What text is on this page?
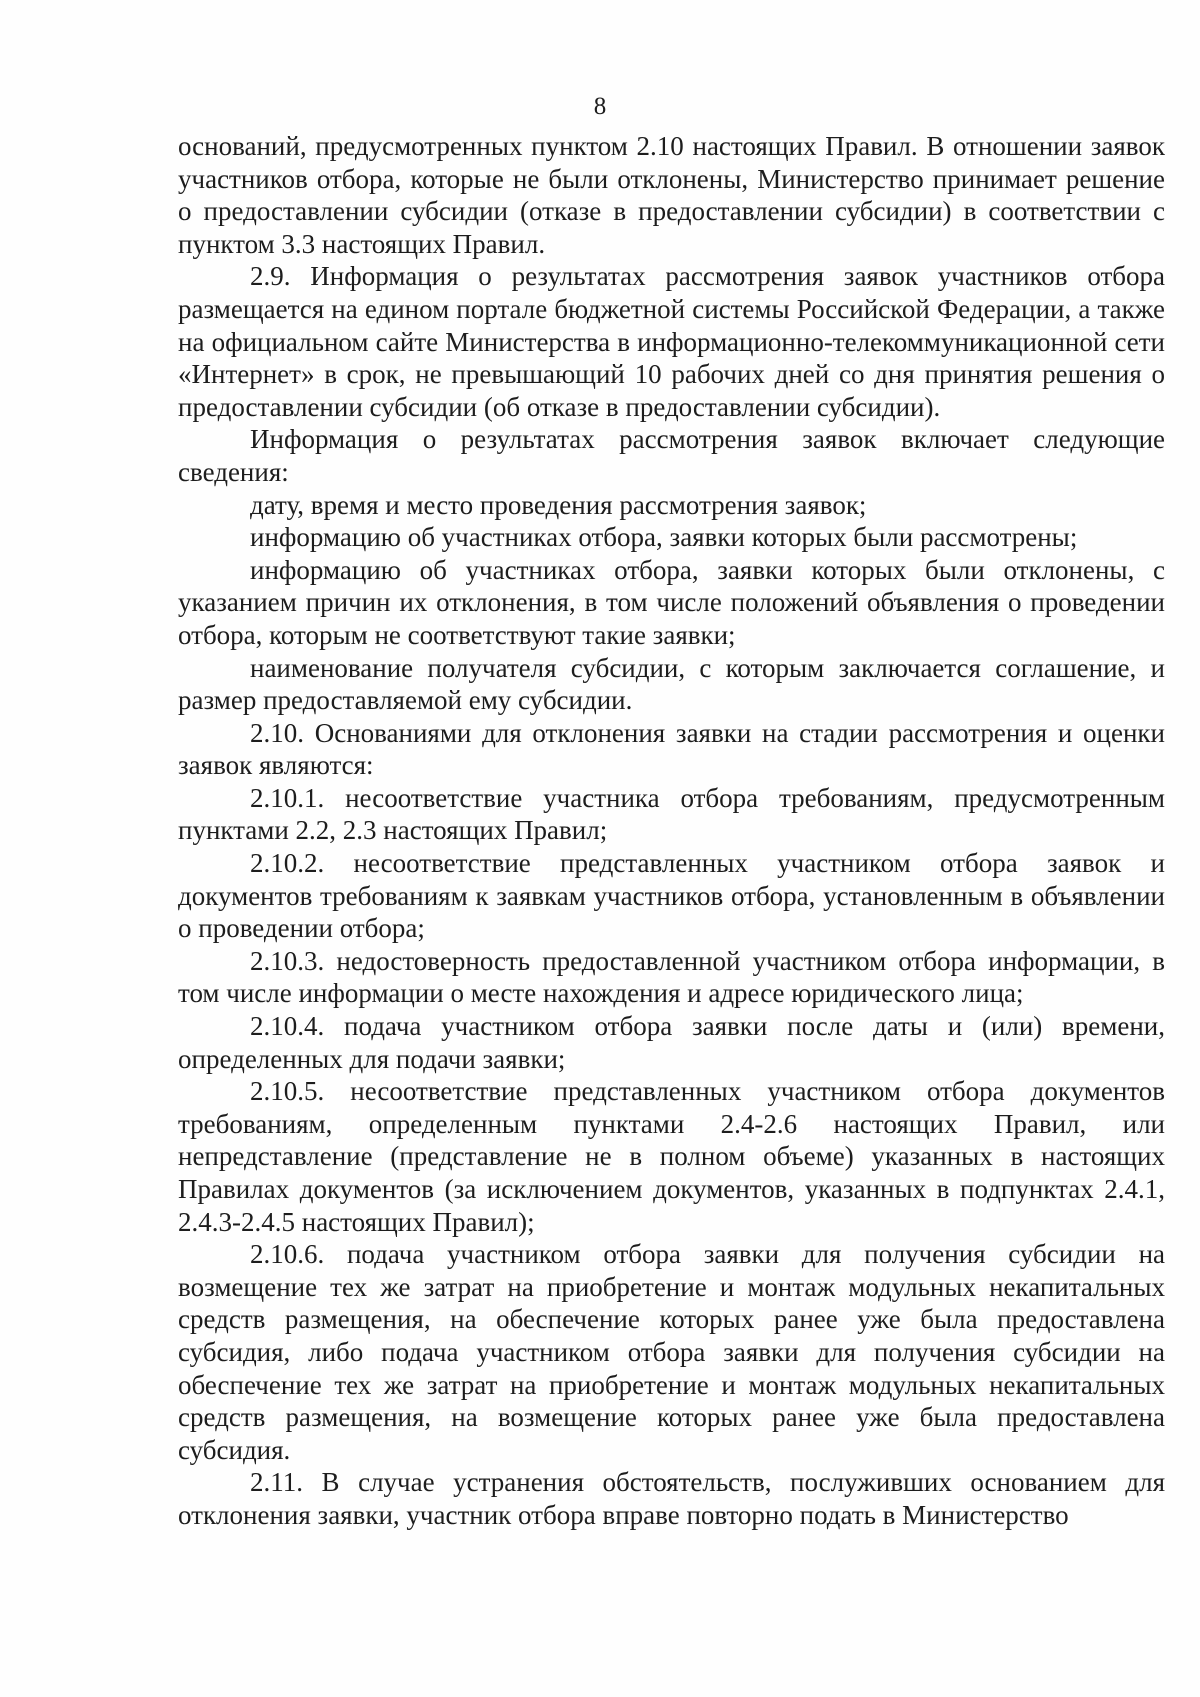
8

оснований, предусмотренных пунктом 2.10 настоящих Правил. В отношении заявок участников отбора, которые не были отклонены, Министерство принимает решение о предоставлении субсидии (отказе в предоставлении субсидии) в соответствии с пунктом 3.3 настоящих Правил.

2.9. Информация о результатах рассмотрения заявок участников отбора размещается на едином портале бюджетной системы Российской Федерации, а также на официальном сайте Министерства в информационно-телекоммуникационной сети «Интернет» в срок, не превышающий 10 рабочих дней со дня принятия решения о предоставлении субсидии (об отказе в предоставлении субсидии).

Информация о результатах рассмотрения заявок включает следующие сведения:

дату, время и место проведения рассмотрения заявок;

информацию об участниках отбора, заявки которых были рассмотрены;

информацию об участниках отбора, заявки которых были отклонены, с указанием причин их отклонения, в том числе положений объявления о проведении отбора, которым не соответствуют такие заявки;

наименование получателя субсидии, с которым заключается соглашение, и размер предоставляемой ему субсидии.

2.10. Основаниями для отклонения заявки на стадии рассмотрения и оценки заявок являются:

2.10.1. несоответствие участника отбора требованиям, предусмотренным пунктами 2.2, 2.3 настоящих Правил;

2.10.2. несоответствие представленных участником отбора заявок и документов требованиям к заявкам участников отбора, установленным в объявлении о проведении отбора;

2.10.3. недостоверность предоставленной участником отбора информации, в том числе информации о месте нахождения и адресе юридического лица;

2.10.4. подача участником отбора заявки после даты и (или) времени, определенных для подачи заявки;

2.10.5. несоответствие представленных участником отбора документов требованиям, определенным пунктами 2.4-2.6 настоящих Правил, или непредставление (представление не в полном объеме) указанных в настоящих Правилах документов (за исключением документов, указанных в подпунктах 2.4.1, 2.4.3-2.4.5 настоящих Правил);

2.10.6. подача участником отбора заявки для получения субсидии на возмещение тех же затрат на приобретение и монтаж модульных некапитальных средств размещения, на обеспечение которых ранее уже была предоставлена субсидия, либо подача участником отбора заявки для получения субсидии на обеспечение тех же затрат на приобретение и монтаж модульных некапитальных средств размещения, на возмещение которых ранее уже была предоставлена субсидия.

2.11. В случае устранения обстоятельств, послуживших основанием для отклонения заявки, участник отбора вправе повторно подать в Министерство
